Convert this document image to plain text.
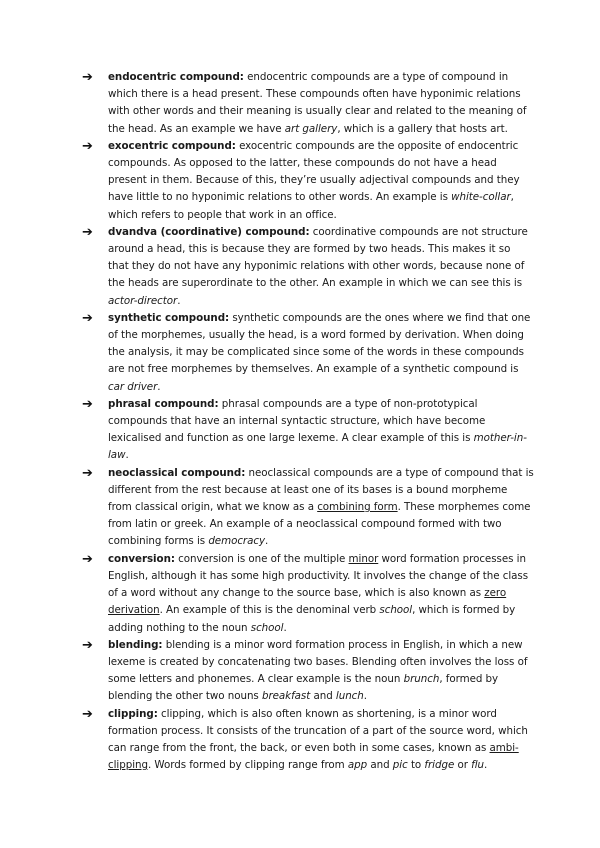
➔	endocentric compound: endocentric compounds are a type of compound in which there is a head present. These compounds often have hyponimic relations with other words and their meaning is usually clear and related to the meaning of the head. As an example we have art gallery, which is a gallery that hosts art.
➔	exocentric compound: exocentric compounds are the opposite of endocentric compounds. As opposed to the latter, these compounds do not have a head present in them. Because of this, they’re usually adjectival compounds and they have little to no hyponimic relations to other words. An example is white-collar, which refers to people that work in an office.
➔	dvandva (coordinative) compound: coordinative compounds are not structure around a head, this is because they are formed by two heads. This makes it so that they do not have any hyponimic relations with other words, because none of the heads are superordinate to the other. An example in which we can see this is actor-director.
➔	synthetic compound: synthetic compounds are the ones where we find that one of the morphemes, usually the head, is a word formed by derivation. When doing the analysis, it may be complicated since some of the words in these compounds are not free morphemes by themselves. An example of a synthetic compound is car driver.
➔	phrasal compound: phrasal compounds are a type of non-prototypical compounds that have an internal syntactic structure, which have become lexicalised and function as one large lexeme. A clear example of this is mother-in-law.
➔	neoclassical compound: neoclassical compounds are a type of compound that is different from the rest because at least one of its bases is a bound morpheme from classical origin, what we know as a combining form. These morphemes come from latin or greek. An example of a neoclassical compound formed with two combining forms is democracy.
➔	conversion: conversion is one of the multiple minor word formation processes in English, although it has some high productivity. It involves the change of the class of a word without any change to the source base, which is also known as zero derivation. An example of this is the denominal verb school, which is formed by adding nothing to the noun school.
➔	blending: blending is a minor word formation process in English, in which a new lexeme is created by concatenating two bases. Blending often involves the loss of some letters and phonemes. A clear example is the noun brunch, formed by blending the other two nouns breakfast and lunch.
➔	clipping: clipping, which is also often known as shortening, is a minor word formation process. It consists of the truncation of a part of the source word, which can range from the front, the back, or even both in some cases, known as ambi-clipping. Words formed by clipping range from app and pic to fridge or flu.
